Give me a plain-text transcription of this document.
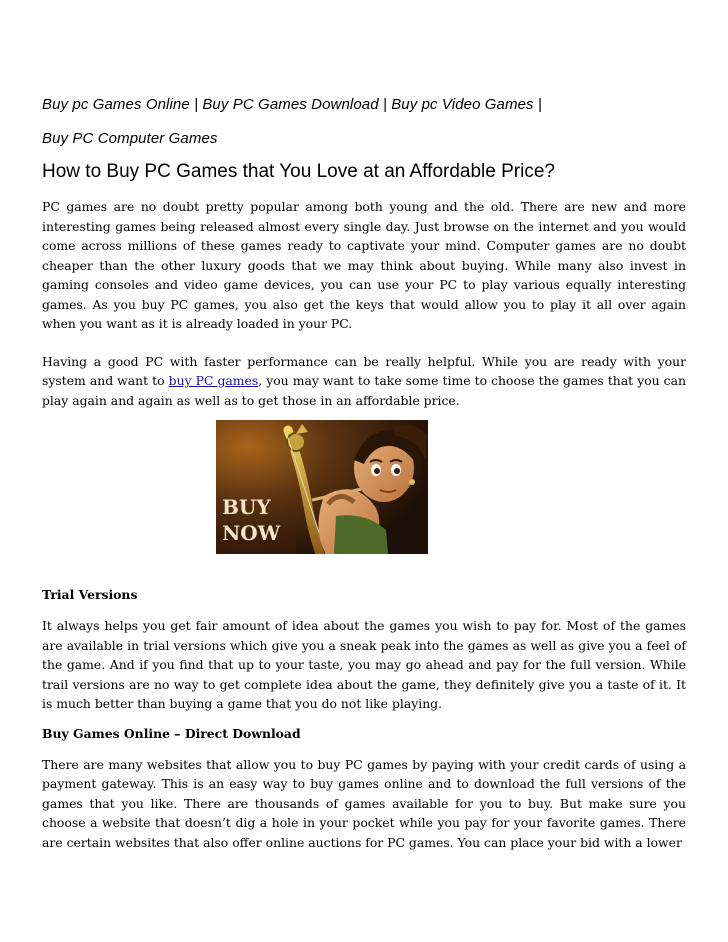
Buy pc Games Online | Buy PC Games Download | Buy pc Video Games |

Buy PC Computer Games

How to Buy PC Games that You Love at an Affordable Price?

PC games are no doubt pretty popular among both young and the old. There are new and more interesting games being released almost every single day. Just browse on the internet and you would come across millions of these games ready to captivate your mind. Computer games are no doubt cheaper than the other luxury goods that we may think about buying. While many also invest in gaming consoles and video game devices, you can use your PC to play various equally interesting games. As you buy PC games, you also get the keys that would allow you to play it all over again when you want as it is already loaded in your PC.

Having a good PC with faster performance can be really helpful. While you are ready with your system and want to buy PC games, you may want to take some time to choose the games that you can play again and again as well as to get those in an affordable price.

BUY
NOW
Trial Versions

It always helps you get fair amount of idea about the games you wish to pay for. Most of the games are available in trial versions which give you a sneak peak into the games as well as give you a feel of the game. And if you find that up to your taste, you may go ahead and pay for the full version. While trail versions are no way to get complete idea about the game, they definitely give you a taste of it. It is much better than buying a game that you do not like playing.

Buy Games Online – Direct Download

There are many websites that allow you to buy PC games by paying with your credit cards of using a payment gateway. This is an easy way to buy games online and to download the full versions of the games that you like. There are thousands of games available for you to buy. But make sure you choose a website that doesn’t dig a hole in your pocket while you pay for your favorite games. There are certain websites that also offer online auctions for PC games. You can place your bid with a lower
